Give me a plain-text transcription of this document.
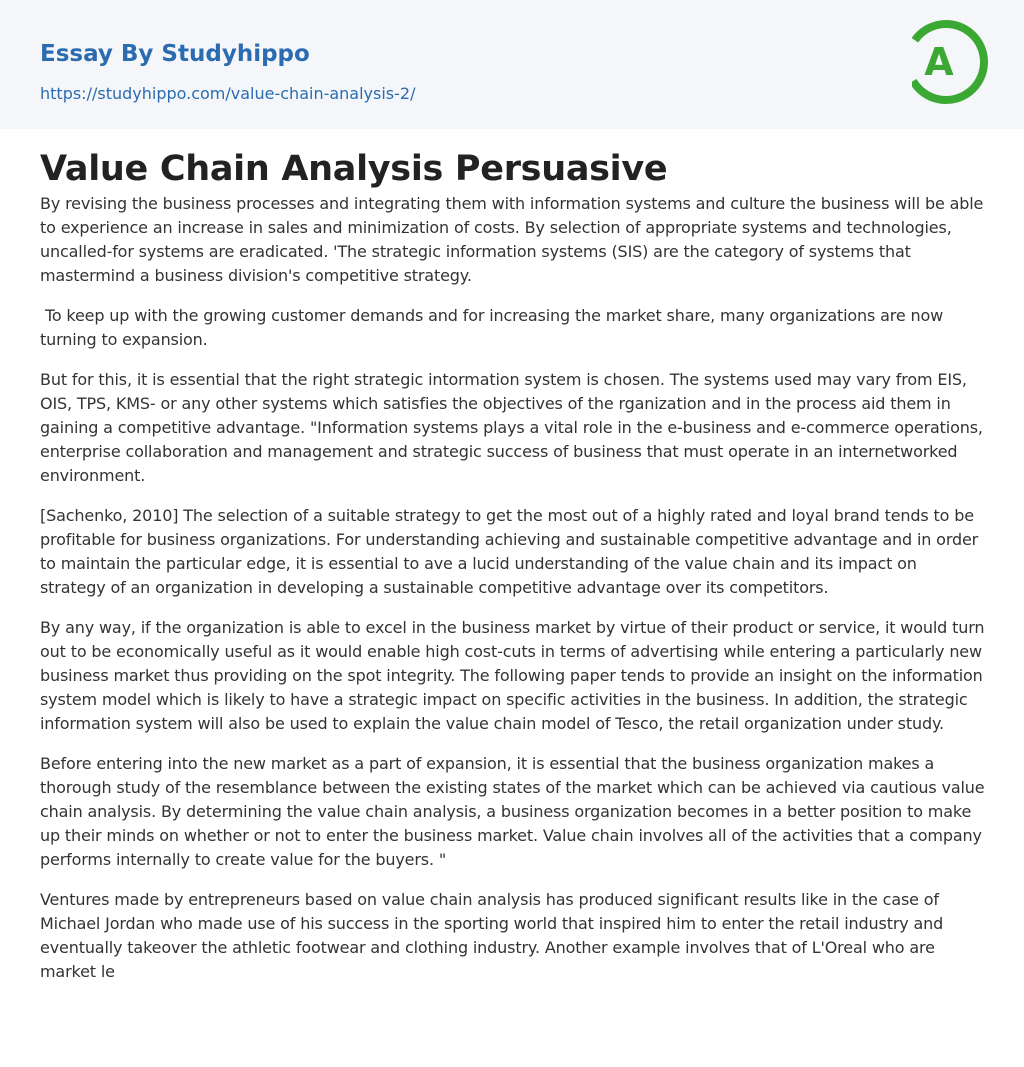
Essay By Studyhippo
https://studyhippo.com/value-chain-analysis-2/
A
Value Chain Analysis Persuasive

By revising the business processes and integrating them with information systems and culture the business will be able to experience an increase in sales and minimization of costs. By selection of appropriate systems and technologies, uncalled-for systems are eradicated. 'The strategic information systems (SIS) are the category of systems that mastermind a business division's competitive strategy.

To keep up with the growing customer demands and for increasing the market share, many organizations are now turning to expansion.

But for this, it is essential that the right strategic intormation system is chosen. The systems used may vary from EIS, OIS, TPS, KMS- or any other systems which satisfies the objectives of the rganization and in the process aid them in gaining a competitive advantage. "Information systems plays a vital role in the e-business and e-commerce operations, enterprise collaboration and management and strategic success of business that must operate in an internetworked environment.

[Sachenko, 2010] The selection of a suitable strategy to get the most out of a highly rated and loyal brand tends to be profitable for business organizations. For understanding achieving and sustainable competitive advantage and in order to maintain the particular edge, it is essential to ave a lucid understanding of the value chain and its impact on strategy of an organization in developing a sustainable competitive advantage over its competitors.

By any way, if the organization is able to excel in the business market by virtue of their product or service, it would turn out to be economically useful as it would enable high cost-cuts in terms of advertising while entering a particularly new business market thus providing on the spot integrity. The following paper tends to provide an insight on the information system model which is likely to have a strategic impact on specific activities in the business. In addition, the strategic information system will also be used to explain the value chain model of Tesco, the retail organization under study.

Before entering into the new market as a part of expansion, it is essential that the business organization makes a thorough study of the resemblance between the existing states of the market which can be achieved via cautious value chain analysis. By determining the value chain analysis, a business organization becomes in a better position to make up their minds on whether or not to enter the business market. Value chain involves all of the activities that a company performs internally to create value for the buyers. "

Ventures made by entrepreneurs based on value chain analysis has produced significant results like in the case of Michael Jordan who made use of his success in the sporting world that inspired him to enter the retail industry and eventually takeover the athletic footwear and clothing industry. Another example involves that of L'Oreal who are market le
